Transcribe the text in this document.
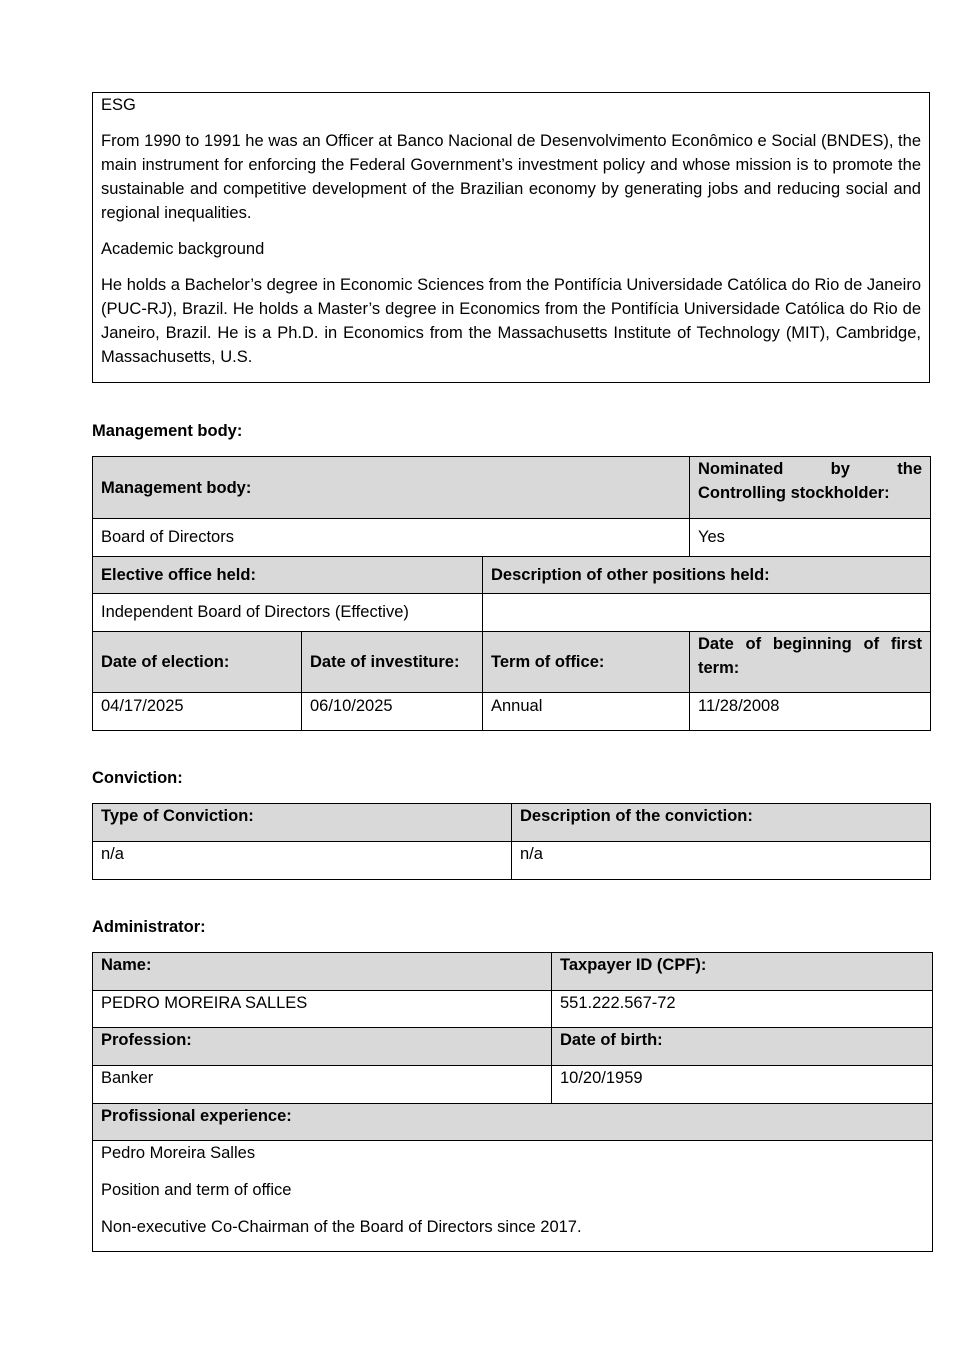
ESG

From 1990 to 1991 he was an Officer at Banco Nacional de Desenvolvimento Econômico e Social (BNDES), the main instrument for enforcing the Federal Government’s investment policy and whose mission is to promote the sustainable and competitive development of the Brazilian economy by generating jobs and reducing social and regional inequalities.

Academic background

He holds a Bachelor’s degree in Economic Sciences from the Pontifícia Universidade Católica do Rio de Janeiro (PUC-RJ), Brazil. He holds a Master’s degree in Economics from the Pontifícia Universidade Católica do Rio de Janeiro, Brazil. He is a Ph.D. in Economics from the Massachusetts Institute of Technology (MIT), Cambridge, Massachusetts, U.S.

Management body:
Management body:			Nominated by the
Controlling stockholder:

Board of Directors			Yes
Elective office held:		Description of other positions held:	
Independent Board of Directors (Effective)			
Date of election:	Date of investiture:	Term of office:	Date of beginning of first
term:

04/17/2025	06/10/2025	Annual	11/28/2008
Conviction:
Type of Conviction:	Description of the conviction:
n/a	n/a
Administrator:
Name:	Taxpayer ID (CPF):
PEDRO MOREIRA SALLES	551.222.567-72
Profession:	Date of birth:
Banker	10/20/1959
Profissional experience:	

Pedro Moreira Salles

Position and term of office

Non-executive Co-Chairman of the Board of Directors since 2017.	
